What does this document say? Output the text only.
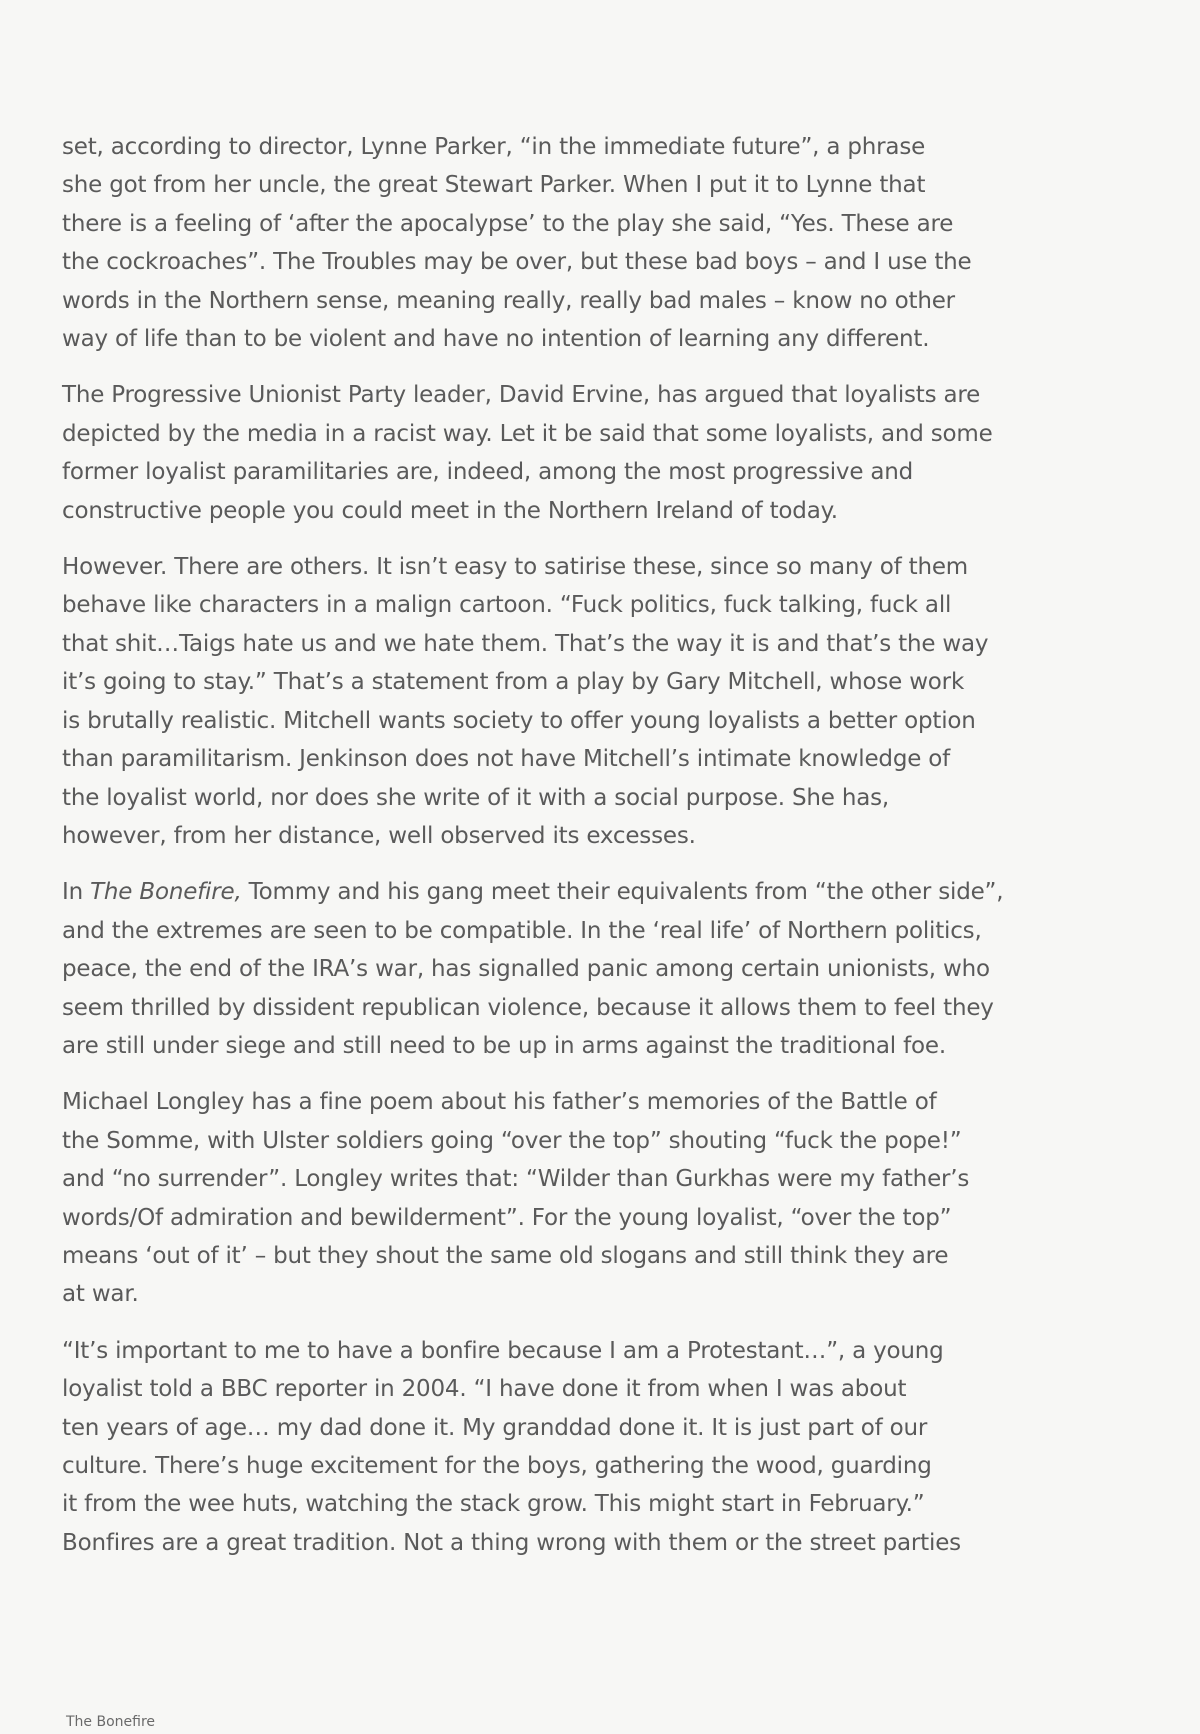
set, according to director, Lynne Parker, “in the immediate future”, a phrase
she got from her uncle, the great Stewart Parker. When I put it to Lynne that
there is a feeling of ‘after the apocalypse’ to the play she said, “Yes. These are
the cockroaches”. The Troubles may be over, but these bad boys – and I use the
words in the Northern sense, meaning really, really bad males – know no other
way of life than to be violent and have no intention of learning any different.

The Progressive Unionist Party leader, David Ervine, has argued that loyalists are
depicted by the media in a racist way. Let it be said that some loyalists, and some
former loyalist paramilitaries are, indeed, among the most progressive and
constructive people you could meet in the Northern Ireland of today.

However. There are others. It isn’t easy to satirise these, since so many of them
behave like characters in a malign cartoon. “Fuck politics, fuck talking, fuck all
that shit…Taigs hate us and we hate them. That’s the way it is and that’s the way
it’s going to stay.” That’s a statement from a play by Gary Mitchell, whose work
is brutally realistic. Mitchell wants society to offer young loyalists a better option
than paramilitarism. Jenkinson does not have Mitchell’s intimate knowledge of
the loyalist world, nor does she write of it with a social purpose. She has,
however, from her distance, well observed its excesses.

In The Bonefire, Tommy and his gang meet their equivalents from “the other side”,
and the extremes are seen to be compatible. In the ‘real life’ of Northern politics,
peace, the end of the IRA’s war, has signalled panic among certain unionists, who
seem thrilled by dissident republican violence, because it allows them to feel they
are still under siege and still need to be up in arms against the traditional foe.

Michael Longley has a fine poem about his father’s memories of the Battle of
the Somme, with Ulster soldiers going “over the top” shouting “fuck the pope!”
and “no surrender”. Longley writes that: “Wilder than Gurkhas were my father’s
words/Of admiration and bewilderment”. For the young loyalist, “over the top”
means ‘out of it’ – but they shout the same old slogans and still think they are
at war.

“It’s important to me to have a bonfire because I am a Protestant…”, a young
loyalist told a BBC reporter in 2004. “I have done it from when I was about
ten years of age… my dad done it. My granddad done it. It is just part of our
culture. There’s huge excitement for the boys, gathering the wood, guarding
it from the wee huts, watching the stack grow. This might start in February.”
Bonfires are a great tradition. Not a thing wrong with them or the street parties

The Bonefire
